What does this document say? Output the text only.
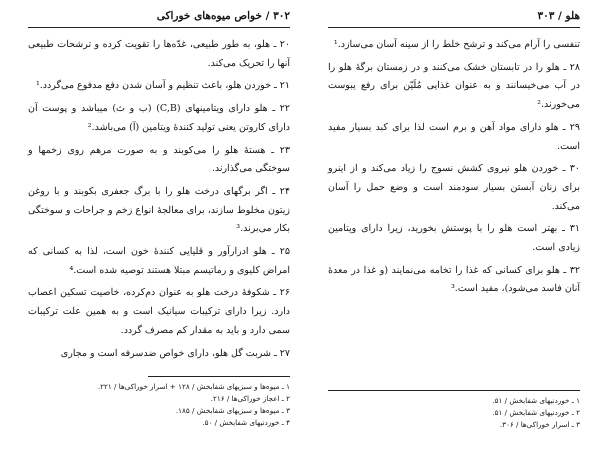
۳۰۲ / خواص میوه‌های خوراکی

۲۰ ـ هلو، به طور طبیعی، غدّه‌ها را تقویت کرده و ترشحات طبیعی آنها را تحریک می‌کند.

۲۱ ـ خوردن هلو، باعث تنظیم و آسان شدن دفع مدفوع می‌گردد.¹

۲۲ ـ هلو دارای ویتامینهای (C,B) (ب و ث) میباشد و پوست آن دارای کاروتن یعنی تولید کنندهٔ ویتامین (آ) می‌باشد.²

۲۳ ـ هستهٔ هلو را می‌کوبند و به صورت مرهم روی زخمها و سوختگی می‌گذارند.

۲۴ ـ اگر برگهای درخت هلو را با برگ جعفری بکوبند و با روغن زیتون مخلوط سازند، برای معالجهٔ انواع زخم و جراحات و سوختگی بکار می‌برند.³

۲۵ ـ هلو ادرارآور و قلیایی کنندهٔ خون است، لذا به کسانی که امراض کلیوی و رماتیسم مبتلا هستند توصیه شده است.⁴

۲۶ ـ شکوفهٔ درخت هلو به عنوان دم‌کرده، خاصیت تسکین اعصاب دارد. زیرا دارای ترکیبات سیانیک است و به همین علت ترکیبات سمی دارد و باید به مقدار کم مصرف گردد.

۲۷ ـ شربت گل هلو، دارای خواص ضدسرفه است و مجاری

۱ ـ میوه‌ها و سبزیهای شفابخش / ۱۲۸ + اسرار خوراکی‌ها / ۲۲۱.
۲ ـ اعجاز خوراکی‌ها / ۲۱۶.
۳ ـ میوه‌ها و سبزیهای شفابخش / ۱۸۵.
۴ ـ خوردنیهای شفابخش / ۵۰.
هلو / ۳۰۳

تنفسی را آرام می‌کند و ترشح خلط را از سینه آسان می‌سازد.¹

۲۸ ـ هلو را در تابستان خشک می‌کنند و در زمستان برگهٔ هلو را در آب می‌خیسانند و به عنوان غذایی مُلَیّن برای رفع یبوست می‌خورند.²

۲۹ ـ هلو دارای مواد آهن و برم است لذا برای کبد بسیار مفید است.

۳۰ ـ خوردن هلو نیروی کشش نسوج را زیاد می‌کند و از اینرو برای زنان آبستن بسیار سودمند است و وضع حمل را آسان می‌کند.

۳۱ ـ بهتر است هلو را با پوستش بخورید، زیرا دارای ویتامین زیادی است.

۳۲ ـ هلو برای کسانی که غذا را تخامه می‌نمایند (و غذا در معدهٔ آنان فاسد می‌شود)، مفید است.³

۱ ـ خوردنیهای شفابخش / ۵۱.
۲ ـ خوردنیهای شفابخش / ۵۱.
۳ ـ اسرار خوراکی‌ها / ۳۰۶.
